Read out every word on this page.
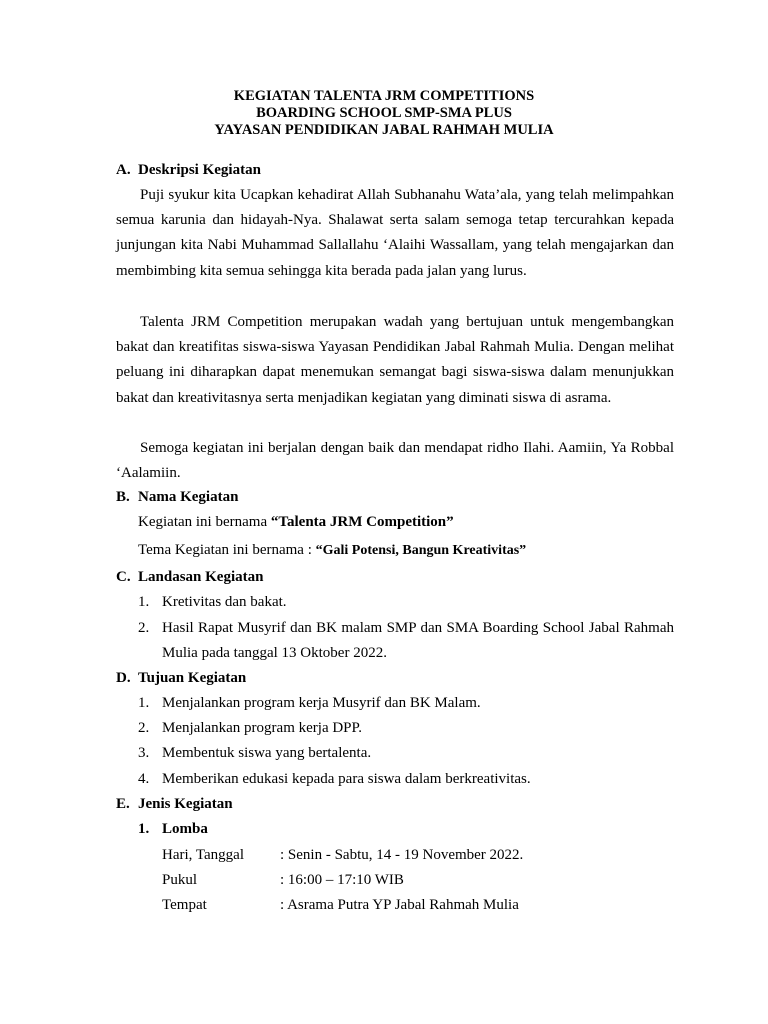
KEGIATAN TALENTA JRM COMPETITIONS
BOARDING SCHOOL SMP-SMA PLUS
YAYASAN PENDIDIKAN JABAL RAHMAH MULIA
A. Deskripsi Kegiatan
Puji syukur kita Ucapkan kehadirat Allah Subhanahu Wata’ala, yang telah melimpahkan semua karunia dan hidayah-Nya. Shalawat serta salam semoga tetap tercurahkan kepada junjungan kita Nabi Muhammad Sallallahu ‘Alaihi Wassallam, yang telah mengajarkan dan membimbing kita semua sehingga kita berada pada jalan yang lurus.
Talenta JRM Competition merupakan wadah yang bertujuan untuk mengembangkan bakat dan kreatifitas siswa-siswa Yayasan Pendidikan Jabal Rahmah Mulia. Dengan melihat peluang ini diharapkan dapat menemukan semangat bagi siswa-siswa dalam menunjukkan bakat dan kreativitasnya serta menjadikan kegiatan yang diminati siswa di asrama.
Semoga kegiatan ini berjalan dengan baik dan mendapat ridho Ilahi. Aamiin, Ya Robbal ‘Aalamiin.
B. Nama Kegiatan
Kegiatan ini bernama “Talenta JRM Competition”
Tema Kegiatan ini bernama : “Gali Potensi, Bangun Kreativitas”
C. Landasan Kegiatan
1. Kretivitas dan bakat.
2. Hasil Rapat Musyrif dan BK malam SMP dan SMA Boarding School Jabal Rahmah Mulia pada tanggal 13 Oktober 2022.
D. Tujuan Kegiatan
1. Menjalankan program kerja Musyrif dan BK Malam.
2. Menjalankan program kerja DPP.
3. Membentuk siswa yang bertalenta.
4. Memberikan edukasi kepada para siswa dalam berkreativitas.
E. Jenis Kegiatan
1. Lomba
Hari, Tanggal : Senin - Sabtu, 14 - 19 November 2022.
Pukul	: 16:00 – 17:10 WIB
Tempat	: Asrama Putra YP Jabal Rahmah Mulia
